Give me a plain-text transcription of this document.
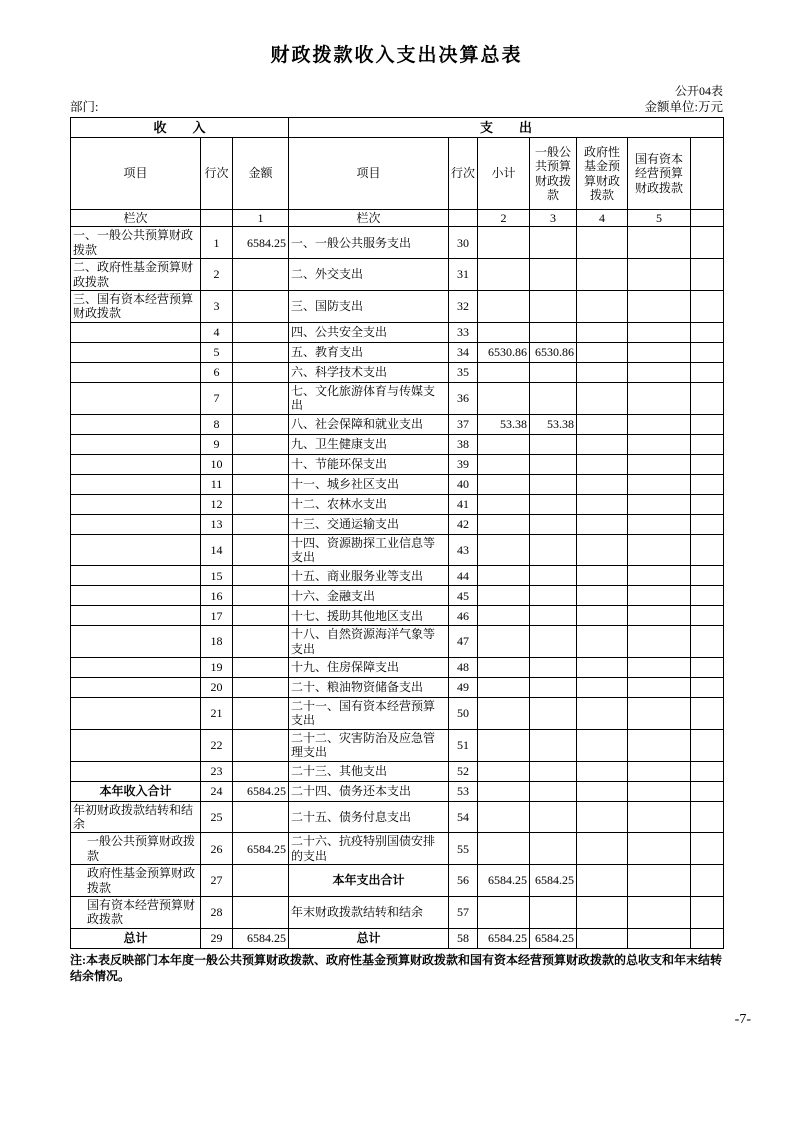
财政拨款收入支出决算总表
公开04表
部门:	金额单位:万元
收　　入			支　　出						
项目	行次	金额	项目	行次	小计	一般公共预算财政拨款	政府性基金预算财政拨款	国有资本经营预算财政拨款	
栏次		1	栏次		2	3	4	5	
一、一般公共预算财政拨款	1	6584.25	一、一般公共服务支出	30					
二、政府性基金预算财政拨款	2		二、外交支出	31					
三、国有资本经营预算财政拨款	3		三、国防支出	32					
	4		四、公共安全支出	33					
	5		五、教育支出	34	6530.86	6530.86			
	6		六、科学技术支出	35					
	7		七、文化旅游体育与传媒支出	36					
	8		八、社会保障和就业支出	37	53.38	53.38			
	9		九、卫生健康支出	38					
	10		十、节能环保支出	39					
	11		十一、城乡社区支出	40					
	12		十二、农林水支出	41					
	13		十三、交通运输支出	42					
	14		十四、资源勘探工业信息等支出	43					
	15		十五、商业服务业等支出	44					
	16		十六、金融支出	45					
	17		十七、援助其他地区支出	46					
	18		十八、自然资源海洋气象等支出	47					
	19		十九、住房保障支出	48					
	20		二十、粮油物资储备支出	49					
	21		二十一、国有资本经营预算支出	50					
	22		二十二、灾害防治及应急管理支出	51					
	23		二十三、其他支出	52					
本年收入合计	24	6584.25	二十四、债务还本支出	53					
年初财政拨款结转和结余	25		二十五、债务付息支出	54					
一般公共预算财政拨款	26	6584.25	二十六、抗疫特别国债安排的支出	55					
政府性基金预算财政拨款	27		本年支出合计	56	6584.25	6584.25			
国有资本经营预算财政拨款	28		年末财政拨款结转和结余	57					
总计	29	6584.25	总计	58	6584.25	6584.25			
注:本表反映部门本年度一般公共预算财政拨款、政府性基金预算财政拨款和国有资本经营预算财政拨款的总收支和年末结转结余情况。
-7-
